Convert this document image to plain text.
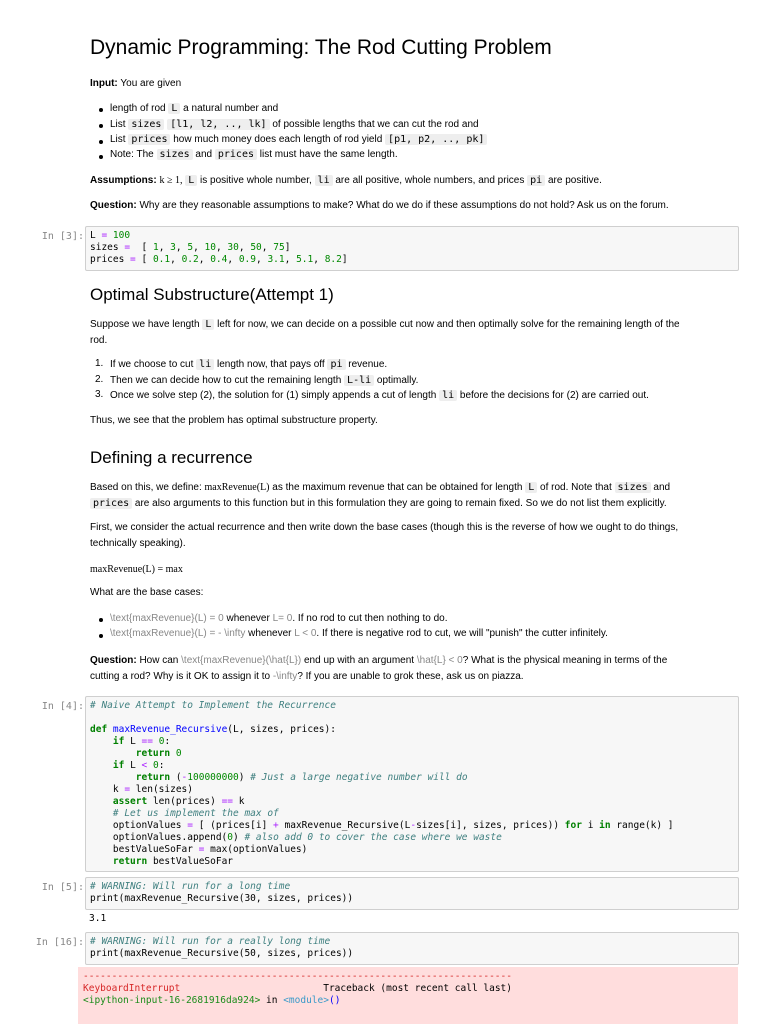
Dynamic Programming: The Rod Cutting Problem
Input: You are given
length of rod L a natural number and
List sizes [l1, l2, .., lk] of possible lengths that we can cut the rod and
List prices how much money does each length of rod yield [p1, p2, .., pk]
Note: The sizes and prices list must have the same length.
Assumptions: k ≥ 1, L is positive whole number, li are all positive, whole numbers, and prices pi are positive.
Question: Why are they reasonable assumptions to make? What do we do if these assumptions do not hold? Ask us on the forum.
In [3]: L = 100
sizes =  [ 1, 3, 5, 10, 30, 50, 75]
prices = [ 0.1, 0.2, 0.4, 0.9, 3.1, 5.1, 8.2]
Optimal Substructure(Attempt 1)
Suppose we have length L left for now, we can decide on a possible cut now and then optimally solve for the remaining length of the
rod.
1. If we choose to cut li length now, that pays off pi revenue.
2. Then we can decide how to cut the remaining length L-li optimally.
3. Once we solve step (2), the solution for (1) simply appends a cut of length li before the decisions for (2) are carried out.
Thus, we see that the problem has optimal substructure property.
Defining a recurrence
Based on this, we define: maxRevenue(L) as the maximum revenue that can be obtained for length L of rod. Note that sizes and
prices are also arguments to this function but in this formulation they are going to remain fixed. So we do not list them explicitly.
First, we consider the actual recurrence and then write down the base cases (though this is the reverse of how we ought to do things,
technically speaking).
maxRevenue(L) = max
What are the base cases:
\text{maxRevenue}(L) = 0 whenever L= 0. If no rod to cut then nothing to do.
\text{maxRevenue}(L) = - \infty whenever L < 0. If there is negative rod to cut, we will "punish" the cutter infinitely.
Question: How can \text{maxRevenue}(\hat{L}) end up with an argument \hat{L} < 0? What is the physical meaning in terms of the
cutting a rod? Why is it OK to assign it to -\infty? If you are unable to grok these, ask us on piazza.
In [4]: # Naive Attempt to Implement the Recurrence
def maxRevenue_Recursive(L, sizes, prices):
if L == 0:
return 0
if L < 0:
return (-100000000) # Just a large negative number will do
k = len(sizes)
assert len(prices) == k
# Let us implement the max of
optionValues = [ (prices[i] + maxRevenue_Recursive(L-sizes[i], sizes, prices)) for i in range(k) ]
optionValues.append(0) # also add 0 to cover the case where we waste
bestValueSoFar = max(optionValues)
return bestValueSoFar
In [5]: # WARNING: Will run for a long time
print(maxRevenue_Recursive(30, sizes, prices))
3.1
In [16]: # WARNING: Will run for a really long time
print(maxRevenue_Recursive(50, sizes, prices))
---------------------------------------------------------------------------
KeyboardInterrupt	Traceback (most recent call last)
<ipython-input-16-2681916da924> in <module>()
